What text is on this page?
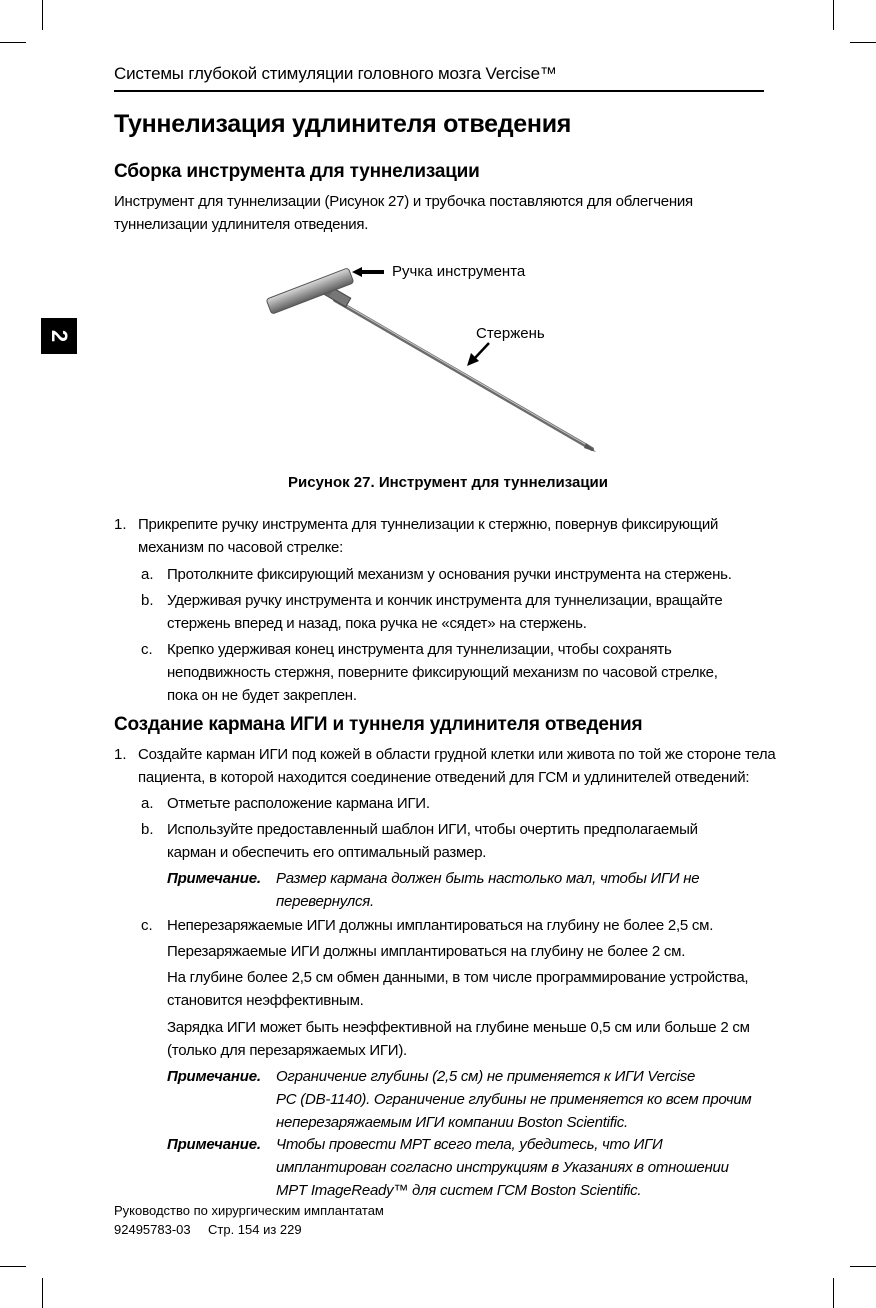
Системы глубокой стимуляции головного мозга Vercise™
2
Туннелизация удлинителя отведения
Сборка инструмента для туннелизации
Инструмент для туннелизации (Рисунок 27) и трубочка поставляются для облегчения
туннелизации удлинителя отведения.
Ручка инструмента
Стержень
Рисунок 27. Инструмент для туннелизации
1. Прикрепите ручку инструмента для туннелизации к стержню, повернув фиксирующий
механизм по часовой стрелке:
a. Протолкните фиксирующий механизм у основания ручки инструмента на стержень.
b. Удерживая ручку инструмента и кончик инструмента для туннелизации, вращайте
стержень вперед и назад, пока ручка не «сядет» на стержень.
c. Крепко удерживая конец инструмента для туннелизации, чтобы сохранять
неподвижность стержня, поверните фиксирующий механизм по часовой стрелке,
пока он не будет закреплен.
Создание кармана ИГИ и туннеля удлинителя отведения
1. Создайте карман ИГИ под кожей в области грудной клетки или живота по той же стороне тела
пациента, в которой находится соединение отведений для ГСМ и удлинителей отведений:
a. Отметьте расположение кармана ИГИ.
b. Используйте предоставленный шаблон ИГИ, чтобы очертить предполагаемый
карман и обеспечить его оптимальный размер.
Примечание. Размер кармана должен быть настолько мал, чтобы ИГИ не
перевернулся.
c. Неперезаряжаемые ИГИ должны имплантироваться на глубину не более 2,5 см.
Перезаряжаемые ИГИ должны имплантироваться на глубину не более 2 см.
На глубине более 2,5 см обмен данными, в том числе программирование устройства,
становится неэффективным.
Зарядка ИГИ может быть неэффективной на глубине меньше 0,5 см или больше 2 см
(только для перезаряжаемых ИГИ).
Примечание. Ограничение глубины (2,5 см) не применяется к ИГИ Vercise
PC (DB-1140). Ограничение глубины не применяется ко всем прочим
неперезаряжаемым ИГИ компании Boston Scientific.
Примечание. Чтобы провести МРТ всего тела, убедитесь, что ИГИ
имплантирован согласно инструкциям в Указаниях в отношении
MPT ImageReady™ для систем ГСМ Boston Scientific.
Руководство по хирургическим имплантатам
92495783-03 Стр. 154 из 229
